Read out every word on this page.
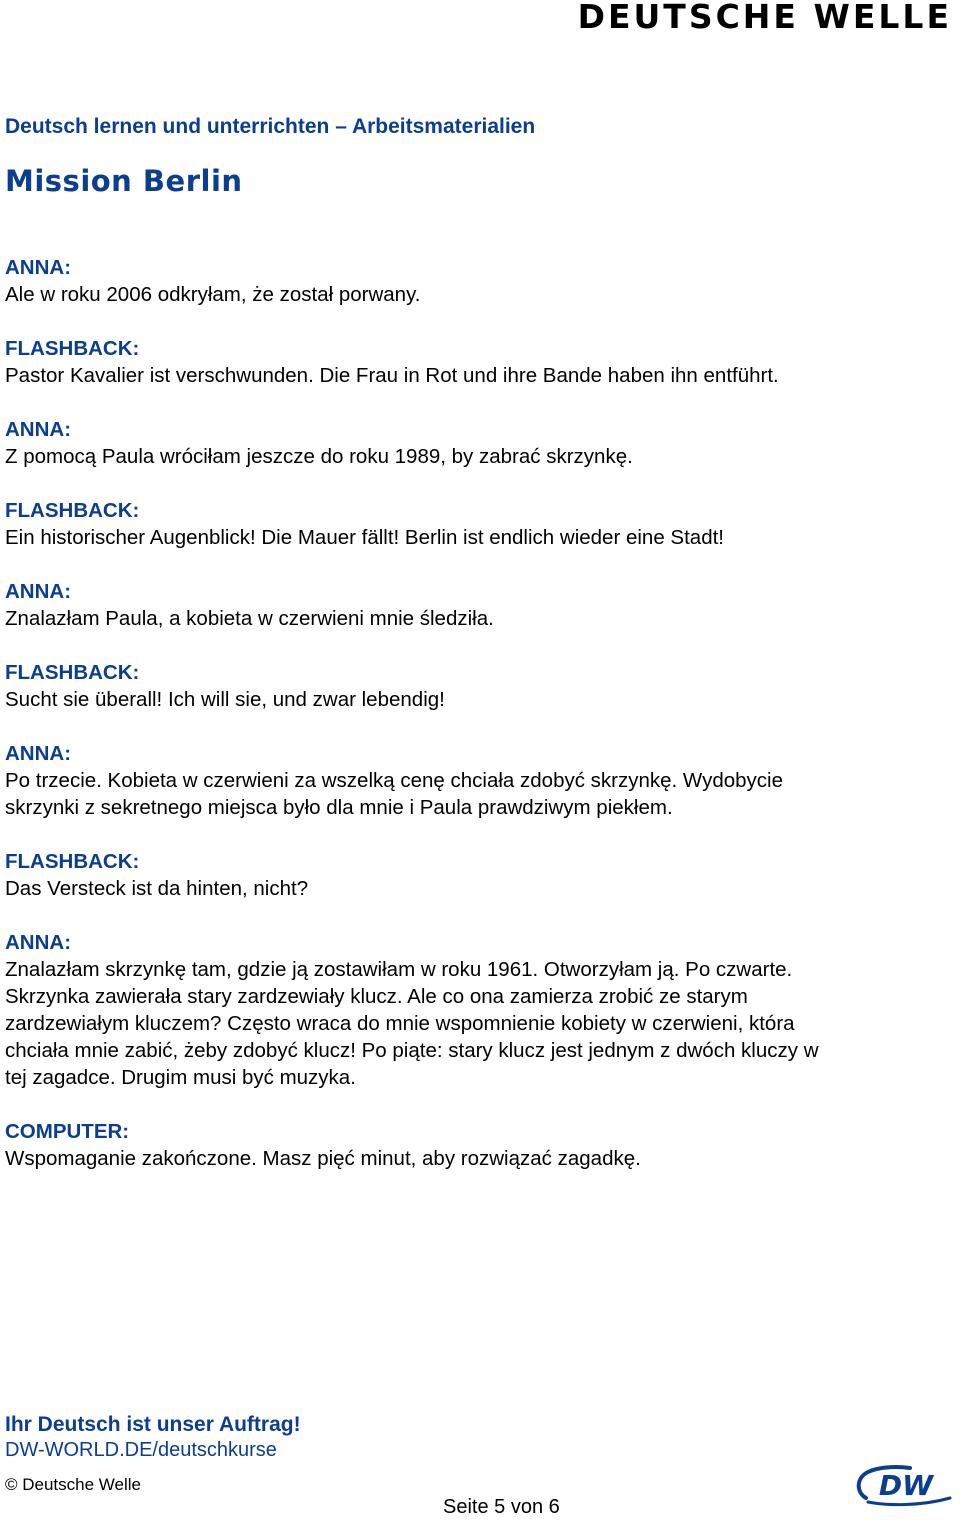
DEUTSCHE WELLE
Deutsch lernen und unterrichten – Arbeitsmaterialien
Mission Berlin
ANNA:
Ale w roku 2006 odkryłam, że został porwany.
FLASHBACK:
Pastor Kavalier ist verschwunden. Die Frau in Rot und ihre Bande haben ihn entführt.
ANNA:
Z pomocą Paula wróciłam jeszcze do roku 1989, by zabrać skrzynkę.
FLASHBACK:
Ein historischer Augenblick! Die Mauer fällt! Berlin ist endlich wieder eine Stadt!
ANNA:
Znalazłam Paula, a kobieta w czerwieni mnie śledziła.
FLASHBACK:
Sucht sie überall! Ich will sie, und zwar lebendig!
ANNA:
Po trzecie. Kobieta w czerwieni za wszelką cenę chciała zdobyć skrzynkę. Wydobycie
skrzynki z sekretnego miejsca było dla mnie i Paula prawdziwym piekłem.
FLASHBACK:
Das Versteck ist da hinten, nicht?
ANNA:
Znalazłam skrzynkę tam, gdzie ją zostawiłam w roku 1961. Otworzyłam ją. Po czwarte.
Skrzynka zawierała stary zardzewiały klucz. Ale co ona zamierza zrobić ze starym
zardzewiałym kluczem? Często wraca do mnie wspomnienie kobiety w czerwieni, która
chciała mnie zabić, żeby zdobyć klucz! Po piąte: stary klucz jest jednym z dwóch kluczy w
tej zagadce. Drugim musi być muzyka.
COMPUTER:
Wspomaganie zakończone. Masz pięć minut, aby rozwiązać zagadkę.
Ihr Deutsch ist unser Auftrag!
DW-WORLD.DE/deutschkurse
© Deutsche Welle
Seite 5 von 6
DW
